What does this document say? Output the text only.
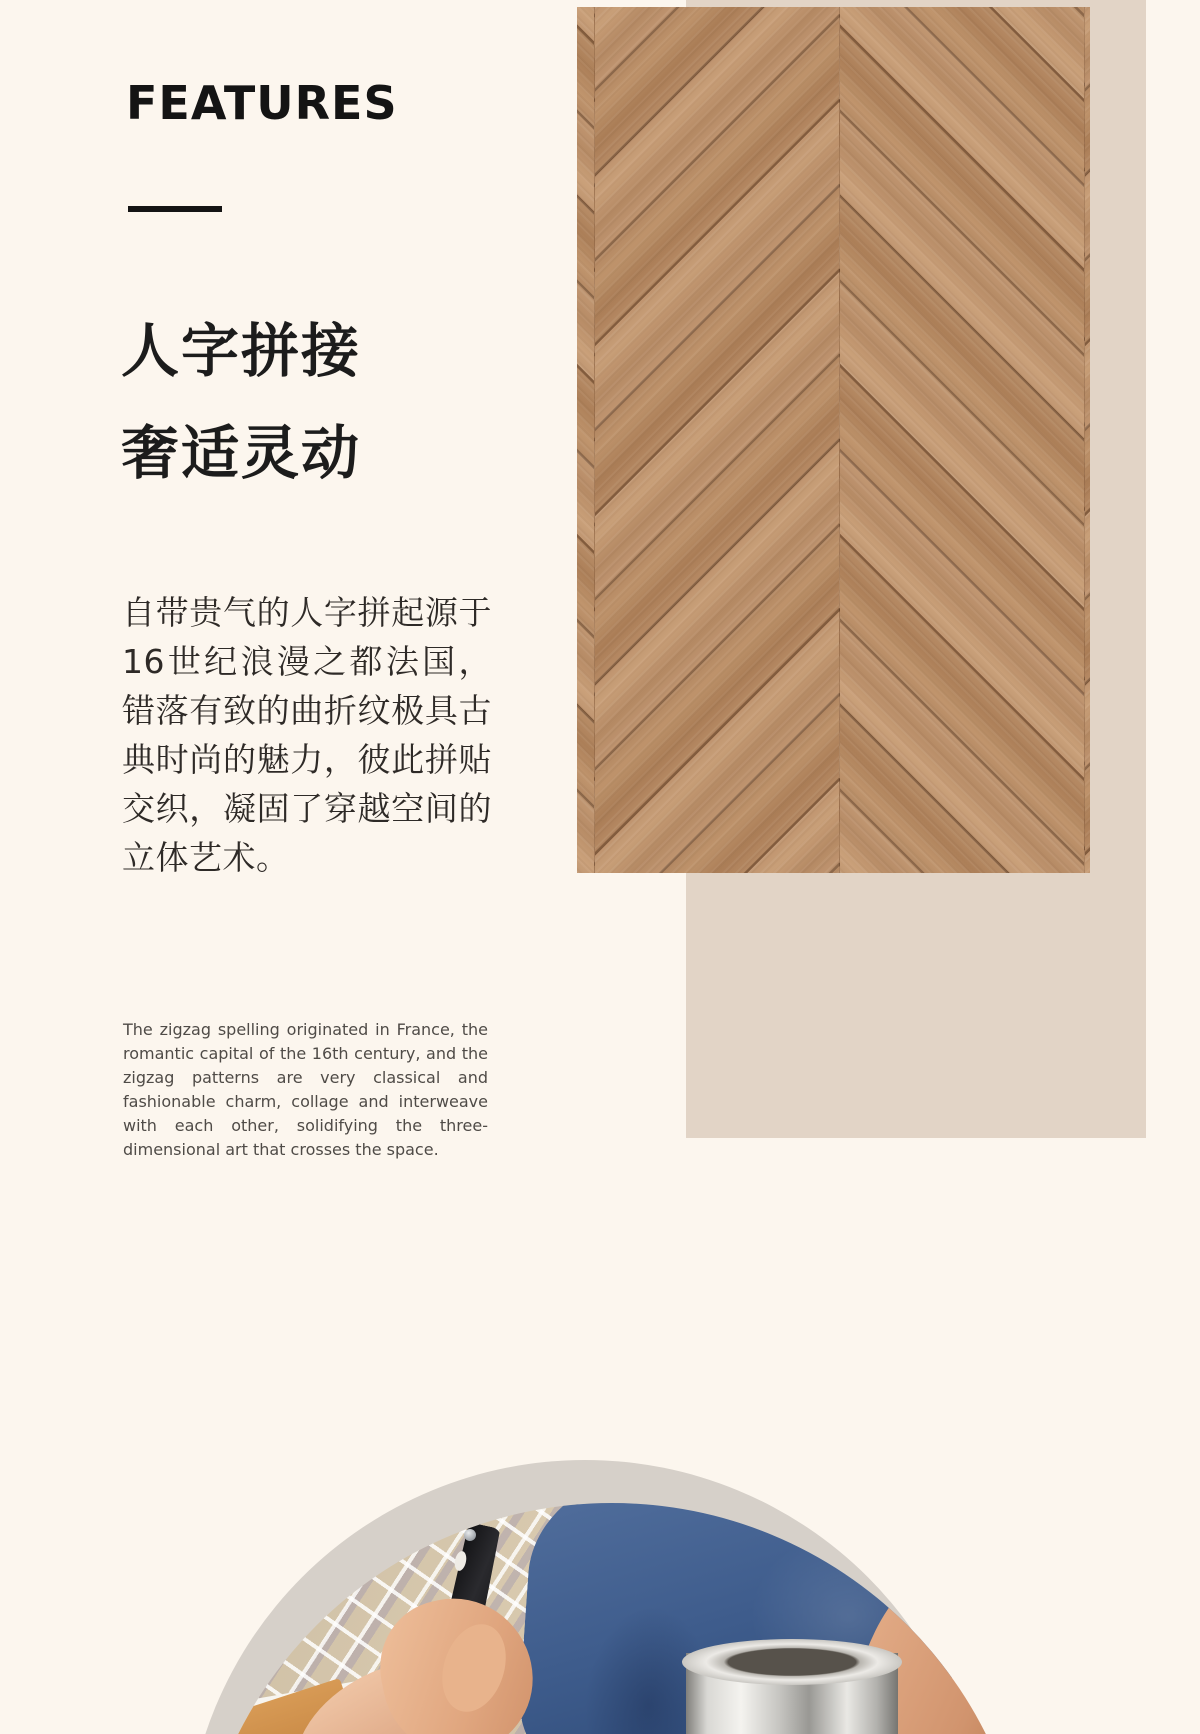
FEATURES
人字拼接
奢适灵动
自带贵气的人字拼起源于16世纪浪漫之都法国，错落有致的曲折纹极具古典时尚的魅力，彼此拼贴交织，凝固了穿越空间的立体艺术。
The zigzag spelling originated in France, the romantic capital of the 16th century, and the zigzag patterns are very classical and fashionable charm, collage and interweave with each other, solidifying the three-dimensional art that crosses the space.
